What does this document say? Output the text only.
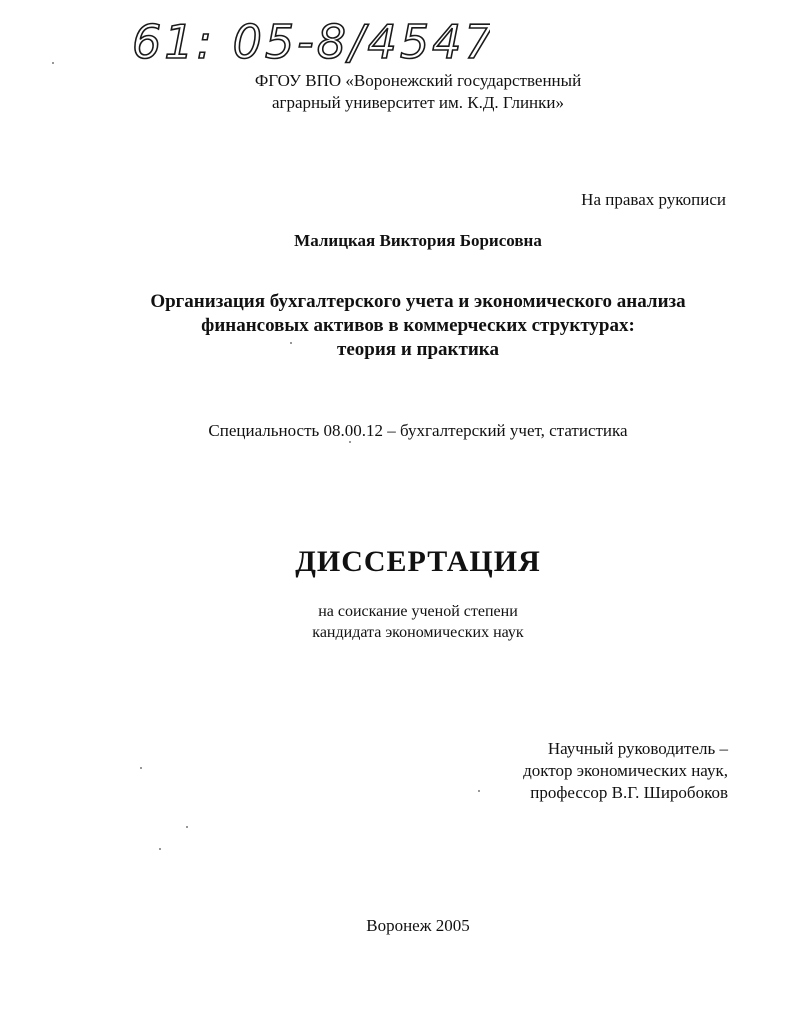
61: 05-8/4547
ФГОУ ВПО «Воронежский государственный
аграрный университет им. К.Д. Глинки»
На правах рукописи
Малицкая Виктория Борисовна
Организация бухгалтерского учета и экономического анализа
финансовых активов в коммерческих структурах:
теория и практика
Специальность 08.00.12 – бухгалтерский учет, статистика
ДИССЕРТАЦИЯ
на соискание ученой степени
кандидата экономических наук
Научный руководитель –
доктор экономических наук,
профессор В.Г. Широбоков
Воронеж 2005
